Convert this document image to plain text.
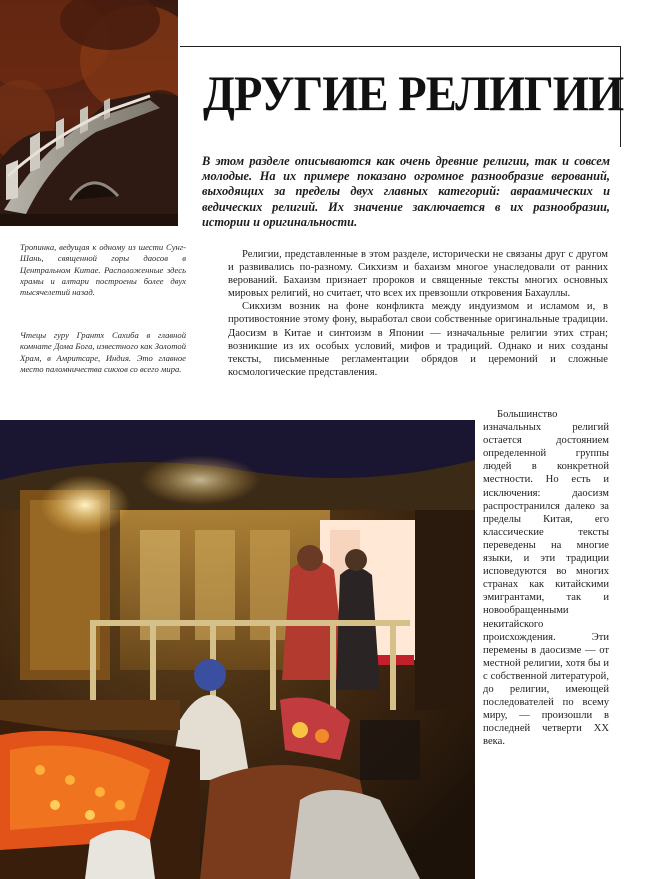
ДРУГИЕ РЕЛИГИИ

В этом разделе описываются как очень древние религии, так и совсем молодые. На их примере показано огромное разнообразие верований, выходящих за пределы двух главных категорий: авраамических и ведических религий. Их значение заключается в их разнообразии, истории и оригинальности.

Тропинка, ведущая к одному из шести Сунг-Шань, священной горы даосов в Центральном Китае. Расположенные здесь храмы и алтари построены более двух тысячелетий назад.

Чтецы гуру Грантх Сахиба в главной комнате Дома Бога, известного как Золотой Храм, в Амритсаре, Индия. Это главное место паломничества сикхов со всего мира.

Религии, представленные в этом разделе, исторически не связаны друг с другом и развивались по-разному. Сикхизм и бахаизм многое унаследовали от ранних верований. Бахаизм признает пророков и священные тексты многих основных мировых религий, но считает, что всех их превзошли откровения Бахауллы.

Сикхизм возник на фоне конфликта между индуизмом и исламом и, в противостояние этому фону, выработал свои собственные оригинальные традиции. Даосизм в Китае и синтоизм в Японии — изначальные религии этих стран; возникшие из их особых условий, мифов и традиций. Однако и них созданы тексты, письменные регламентации обрядов и церемоний и сложные космологические представления.

Большинство изначальных религий остается достоянием определенной группы людей в конкретной местности. Но есть и исключения: даосизм распространился далеко за пределы Китая, его классические тексты переведены на многие языки, и эти традиции исповедуются во многих странах как китайскими эмигрантами, так и новообращенными некитайского происхождения. Эти перемены в даосизме — от местной религии, хотя бы и с собственной литературой, до религии, имеющей последователей по всему миру, — произошли в последней четверти XX века.
